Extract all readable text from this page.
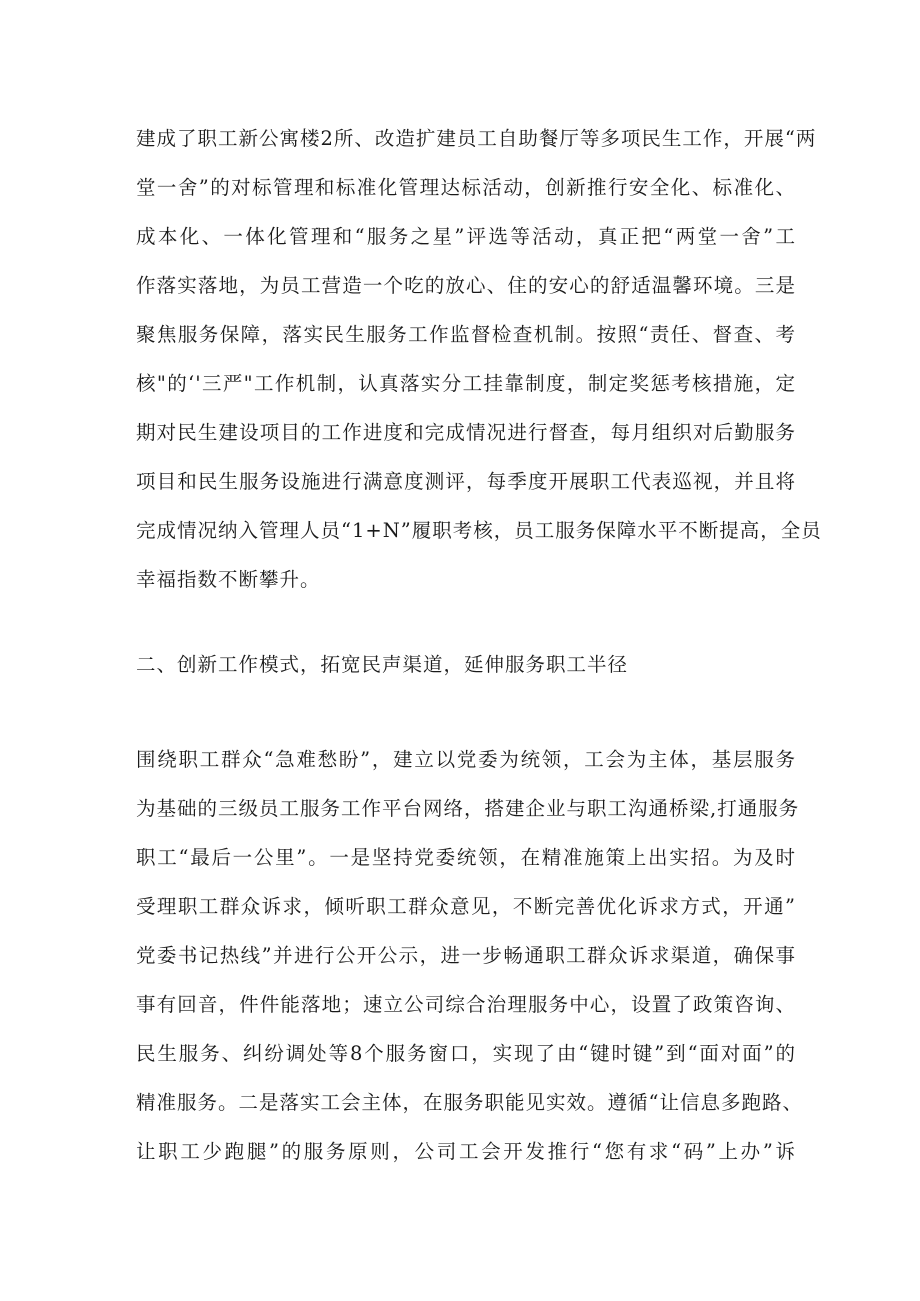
建成了职工新公寓楼2所、改造扩建员工自助餐厅等多项民生工作，开展“两
堂一舍”的对标管理和标准化管理达标活动，创新推行安全化、标准化、
成本化、一体化管理和“服务之星”评选等活动，真正把“两堂一舍”工
作落实落地，为员工营造一个吃的放心、住的安心的舒适温馨环境。三是
聚焦服务保障，落实民生服务工作监督检查机制。按照“责任、督查、考
核"的‘'三严"工作机制，认真落实分工挂靠制度，制定奖惩考核措施，定
期对民生建设项目的工作进度和完成情况进行督查，每月组织对后勤服务
项目和民生服务设施进行满意度测评，每季度开展职工代表巡视，并且将
完成情况纳入管理人员“1+N”履职考核，员工服务保障水平不断提高，全员
幸福指数不断攀升。
二、创新工作模式，拓宽民声渠道，延伸服务职工半径
围绕职工群众“急难愁盼”，建立以党委为统领，工会为主体，基层服务
为基础的三级员工服务工作平台网络，搭建企业与职工沟通桥梁,打通服务
职工“最后一公里”。一是坚持党委统领，在精准施策上出实招。为及时
受理职工群众诉求，倾听职工群众意见，不断完善优化诉求方式，开通”
党委书记热线”并进行公开公示，进一步畅通职工群众诉求渠道，确保事
事有回音，件件能落地；速立公司综合治理服务中心，设置了政策咨询、
民生服务、纠纷调处等8个服务窗口，实现了由“键时键”到“面对面”的
精准服务。二是落实工会主体，在服务职能见实效。遵循“让信息多跑路、
让职工少跑腿”的服务原则，公司工会开发推行“您有求“码”上办”诉
